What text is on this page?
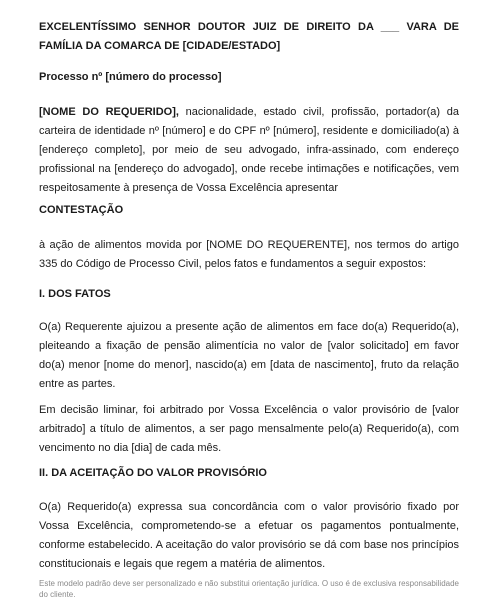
EXCELENTÍSSIMO SENHOR DOUTOR JUIZ DE DIREITO DA ___ VARA DE FAMÍLIA DA COMARCA DE [CIDADE/ESTADO]

Processo nº [número do processo]

[NOME DO REQUERIDO], nacionalidade, estado civil, profissão, portador(a) da carteira de identidade nº [número] e do CPF nº [número], residente e domiciliado(a) à [endereço completo], por meio de seu advogado, infra-assinado, com endereço profissional na [endereço do advogado], onde recebe intimações e notificações, vem respeitosamente à presença de Vossa Excelência apresentar

CONTESTAÇÃO

à ação de alimentos movida por [NOME DO REQUERENTE], nos termos do artigo 335 do Código de Processo Civil, pelos fatos e fundamentos a seguir expostos:

I. DOS FATOS

O(a) Requerente ajuizou a presente ação de alimentos em face do(a) Requerido(a), pleiteando a fixação de pensão alimentícia no valor de [valor solicitado] em favor do(a) menor [nome do menor], nascido(a) em [data de nascimento], fruto da relação entre as partes.

Em decisão liminar, foi arbitrado por Vossa Excelência o valor provisório de [valor arbitrado] a título de alimentos, a ser pago mensalmente pelo(a) Requerido(a), com vencimento no dia [dia] de cada mês.

II. DA ACEITAÇÃO DO VALOR PROVISÓRIO

O(a) Requerido(a) expressa sua concordância com o valor provisório fixado por Vossa Excelência, comprometendo-se a efetuar os pagamentos pontualmente, conforme estabelecido. A aceitação do valor provisório se dá com base nos princípios constitucionais e legais que regem a matéria de alimentos.

Este modelo padrão deve ser personalizado e não substitui orientação jurídica. O uso é de exclusiva responsabilidade do cliente.
